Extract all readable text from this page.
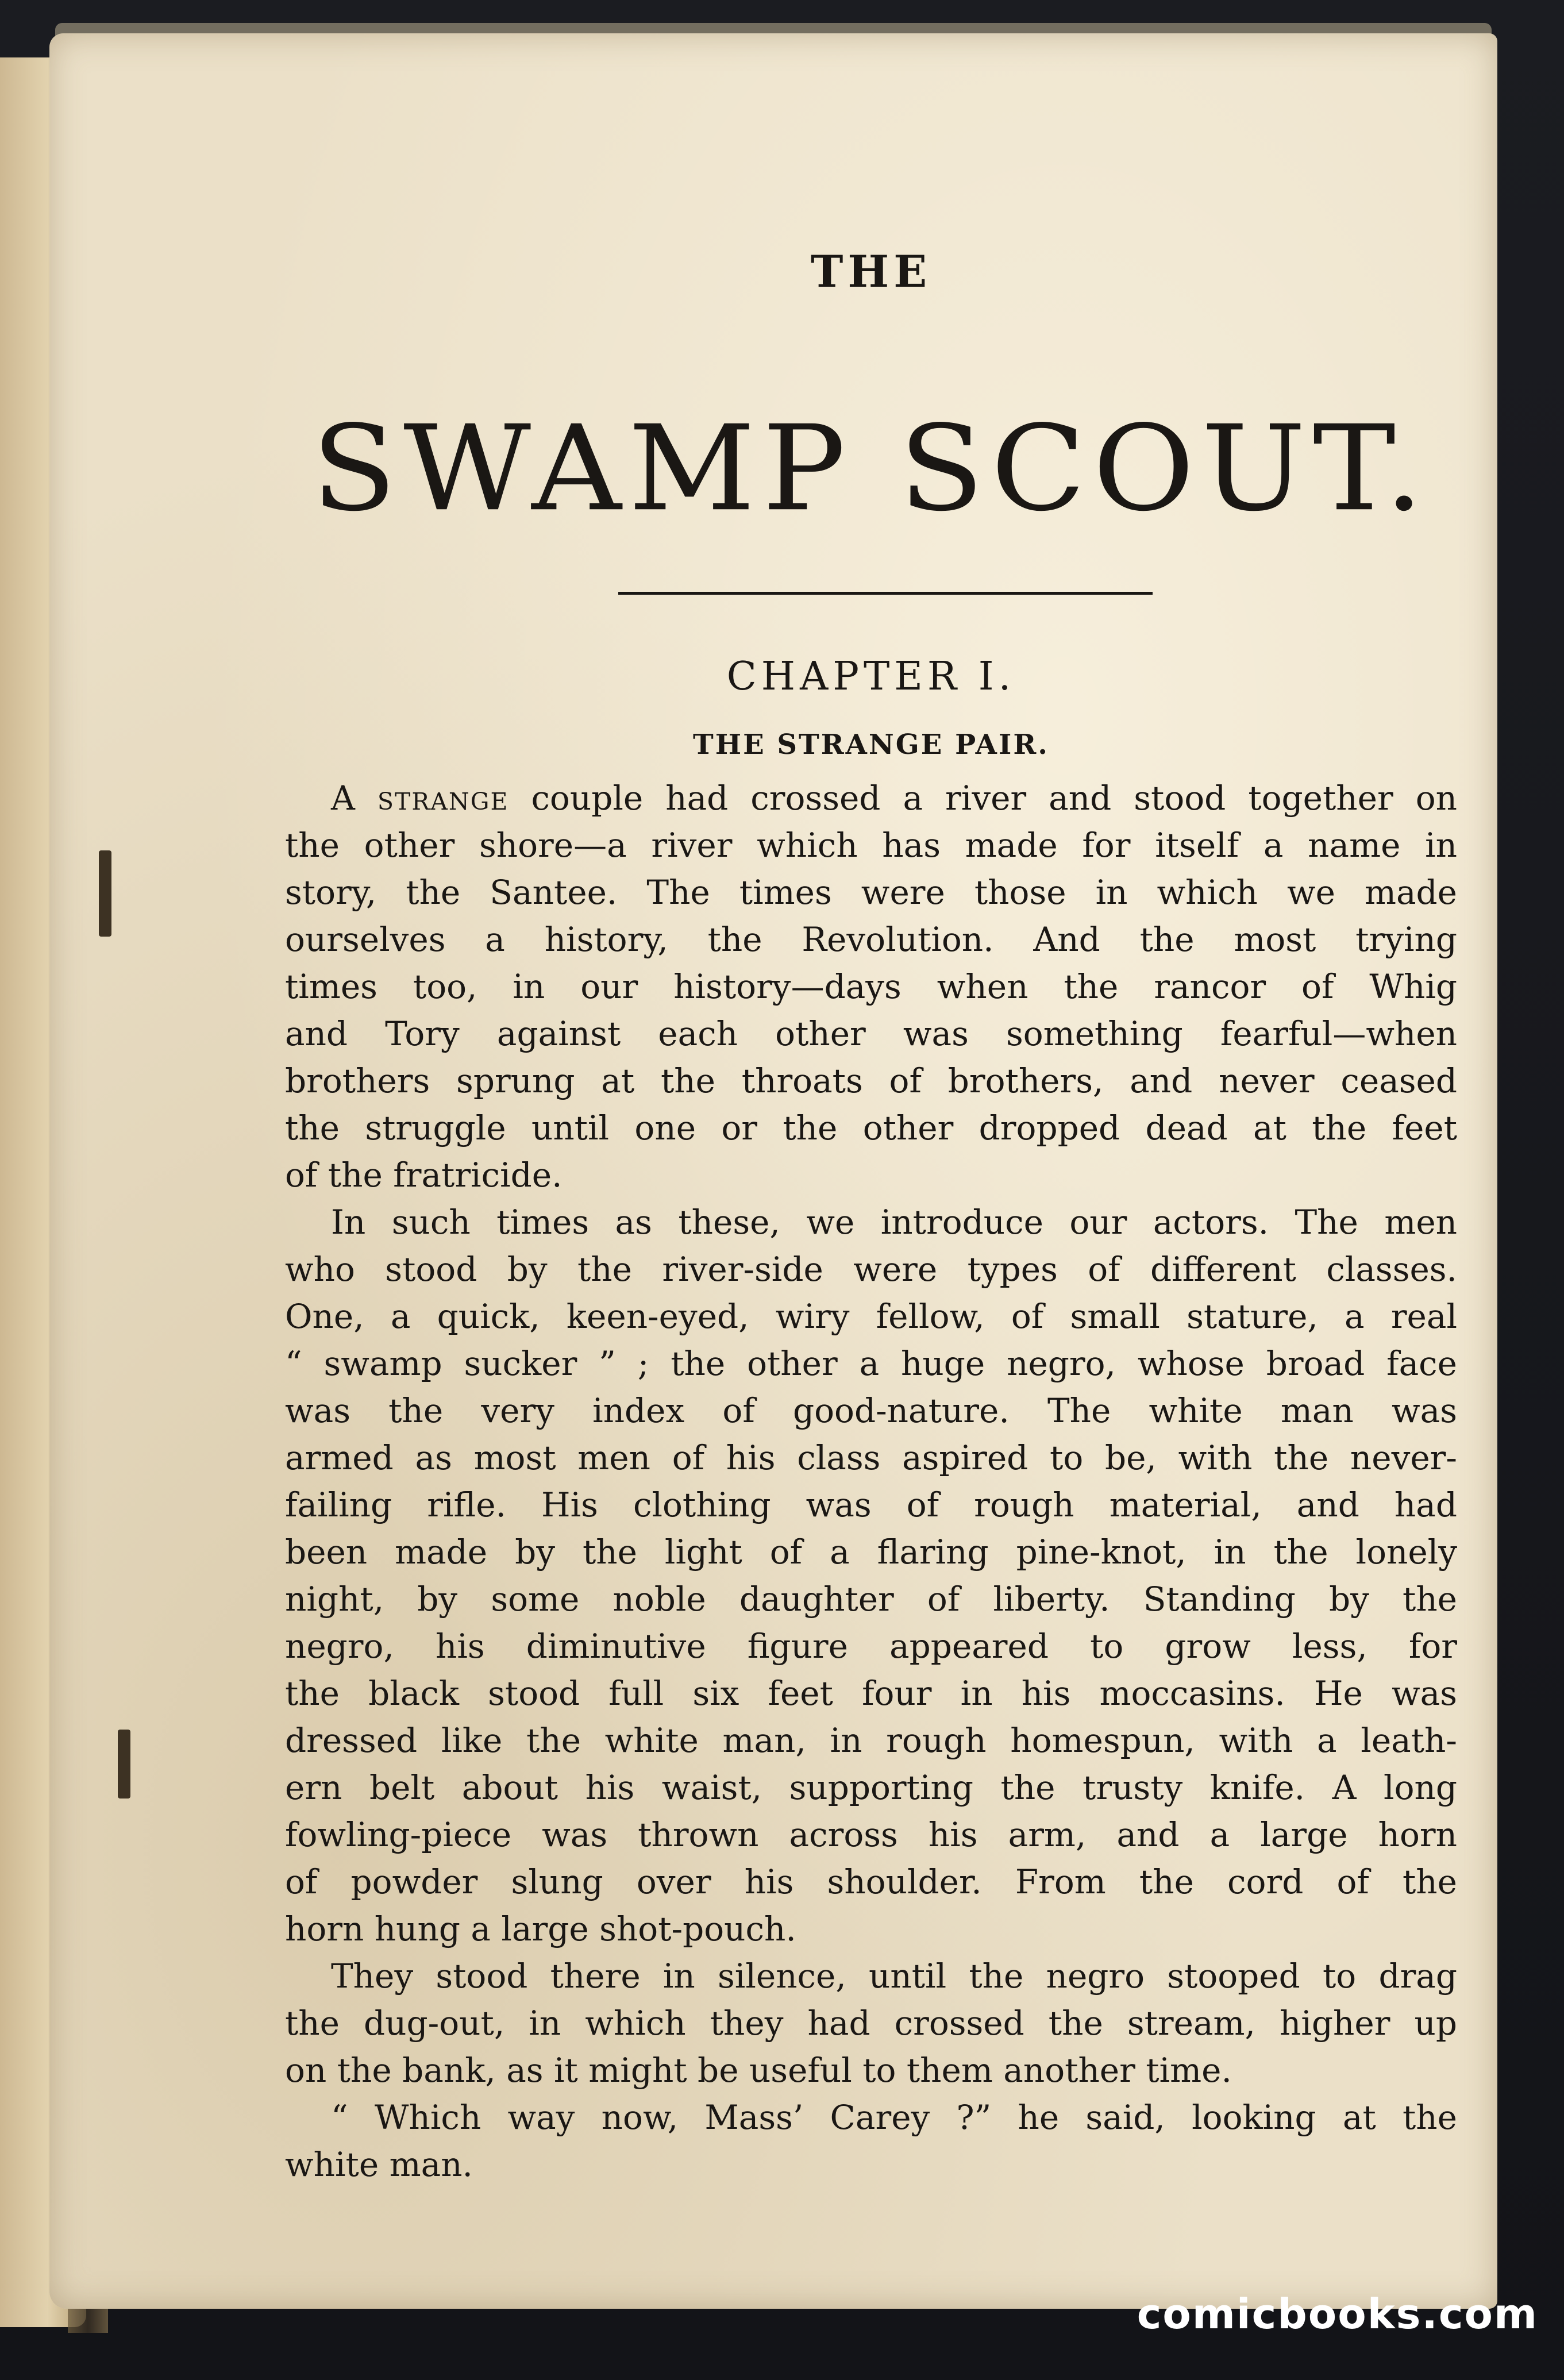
THE
SWAMP SCOUT.
CHAPTER I.
THE STRANGE PAIR.
A strange couple had crossed a river and stood together on
the other shore—a river which has made for itself a name in
story, the Santee. The times were those in which we made
ourselves a history, the Revolution. And the most trying
times too, in our history—days when the rancor of Whig
and Tory against each other was something fearful—when
brothers sprung at the throats of brothers, and never ceased
the struggle until one or the other dropped dead at the feet
of the fratricide.
In such times as these, we introduce our actors. The men
who stood by the river-side were types of different classes.
One, a quick, keen-eyed, wiry fellow, of small stature, a real
“ swamp sucker ” ; the other a huge negro, whose broad face
was the very index of good-nature. The white man was
armed as most men of his class aspired to be, with the never-
failing rifle. His clothing was of rough material, and had
been made by the light of a flaring pine-knot, in the lonely
night, by some noble daughter of liberty. Standing by the
negro, his diminutive figure appeared to grow less, for
the black stood full six feet four in his moccasins. He was
dressed like the white man, in rough homespun, with a leath-
ern belt about his waist, supporting the trusty knife. A long
fowling-piece was thrown across his arm, and a large horn
of powder slung over his shoulder. From the cord of the
horn hung a large shot-pouch.
They stood there in silence, until the negro stooped to drag
the dug-out, in which they had crossed the stream, higher up
on the bank, as it might be useful to them another time.
“ Which way now, Mass’ Carey ?” he said, looking at the
white man.
comicbooks.com
